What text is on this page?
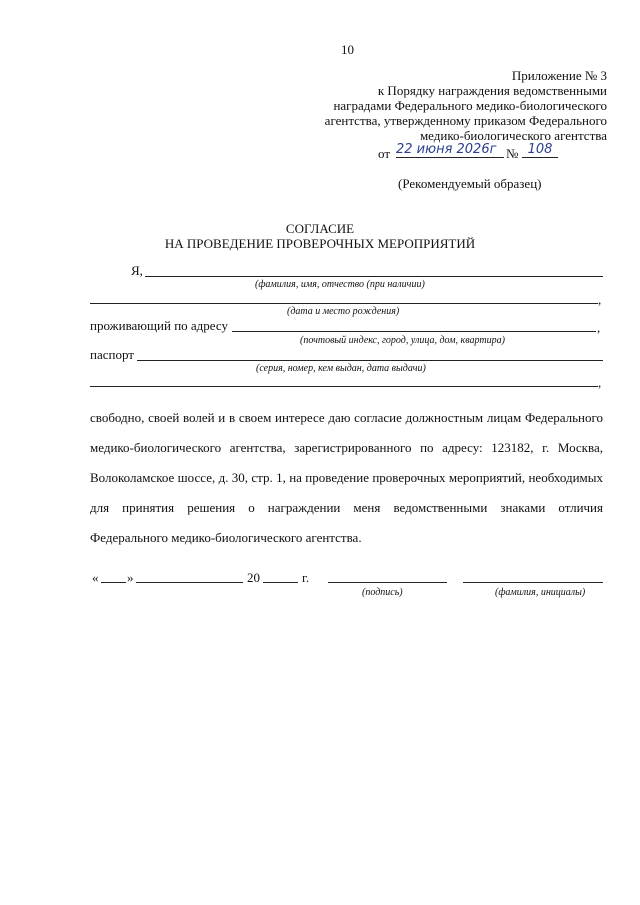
10
Приложение № 3
к Порядку награждения ведомственными
наградами Федерального медико-биологического
агентства, утвержденному приказом Федерального
медико-биологического агентства
от 22 июня 2026г № 108
(Рекомендуемый образец)
СОГЛАСИЕ
НА ПРОВЕДЕНИЕ ПРОВЕРОЧНЫХ МЕРОПРИЯТИЙ
Я,
(фамилия, имя, отчество (при наличии)
,
(дата и место рождения)
проживающий по адресу	,
(почтовый индекс, город, улица, дом, квартира)
паспорт
(серия, номер, кем выдан, дата выдачи)
,

свободно, своей волей и в своем интересе даю согласие должностным лицам Федерального медико-биологического агентства, зарегистрированного по адресу: 123182, г. Москва, Волоколамское шоссе, д. 30, стр. 1, на проведение проверочных мероприятий, необходимых для принятия решения о награждении меня ведомственными знаками отличия Федерального медико-биологического агентства.

« »	20	г.
(подпись)	(фамилия, инициалы)
